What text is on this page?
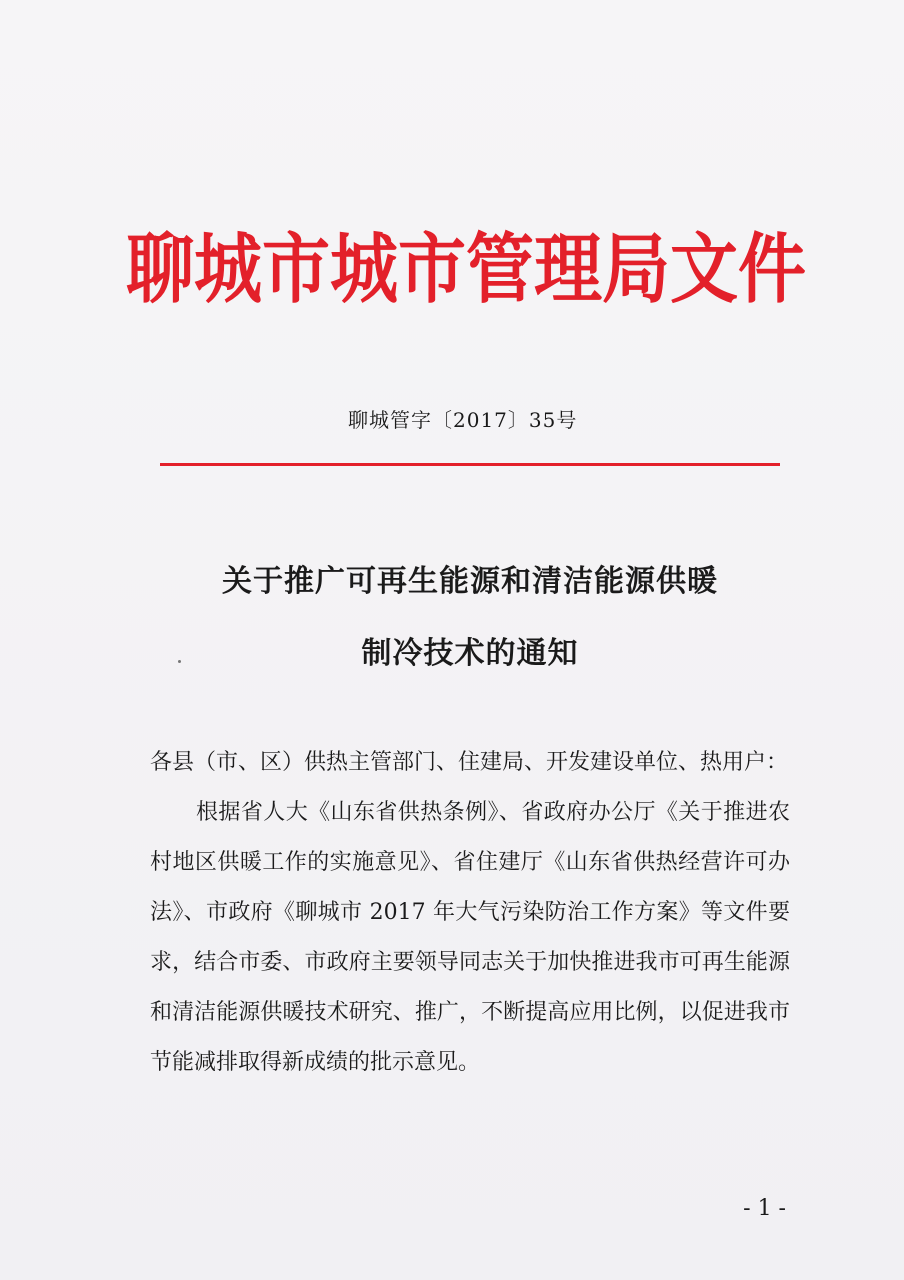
聊城市城市管理局文件
聊城管字〔2017〕35号
关于推广可再生能源和清洁能源供暖
制冷技术的通知

各县（市、区）供热主管部门、住建局、开发建设单位、热用户：

根据省人大《山东省供热条例》、省政府办公厅《关于推进农村地区供暖工作的实施意见》、省住建厅《山东省供热经营许可办法》、市政府《聊城市 2017 年大气污染防治工作方案》等文件要求，结合市委、市政府主要领导同志关于加快推进我市可再生能源和清洁能源供暖技术研究、推广，不断提高应用比例，以促进我市节能减排取得新成绩的批示意见。

- 1 -
